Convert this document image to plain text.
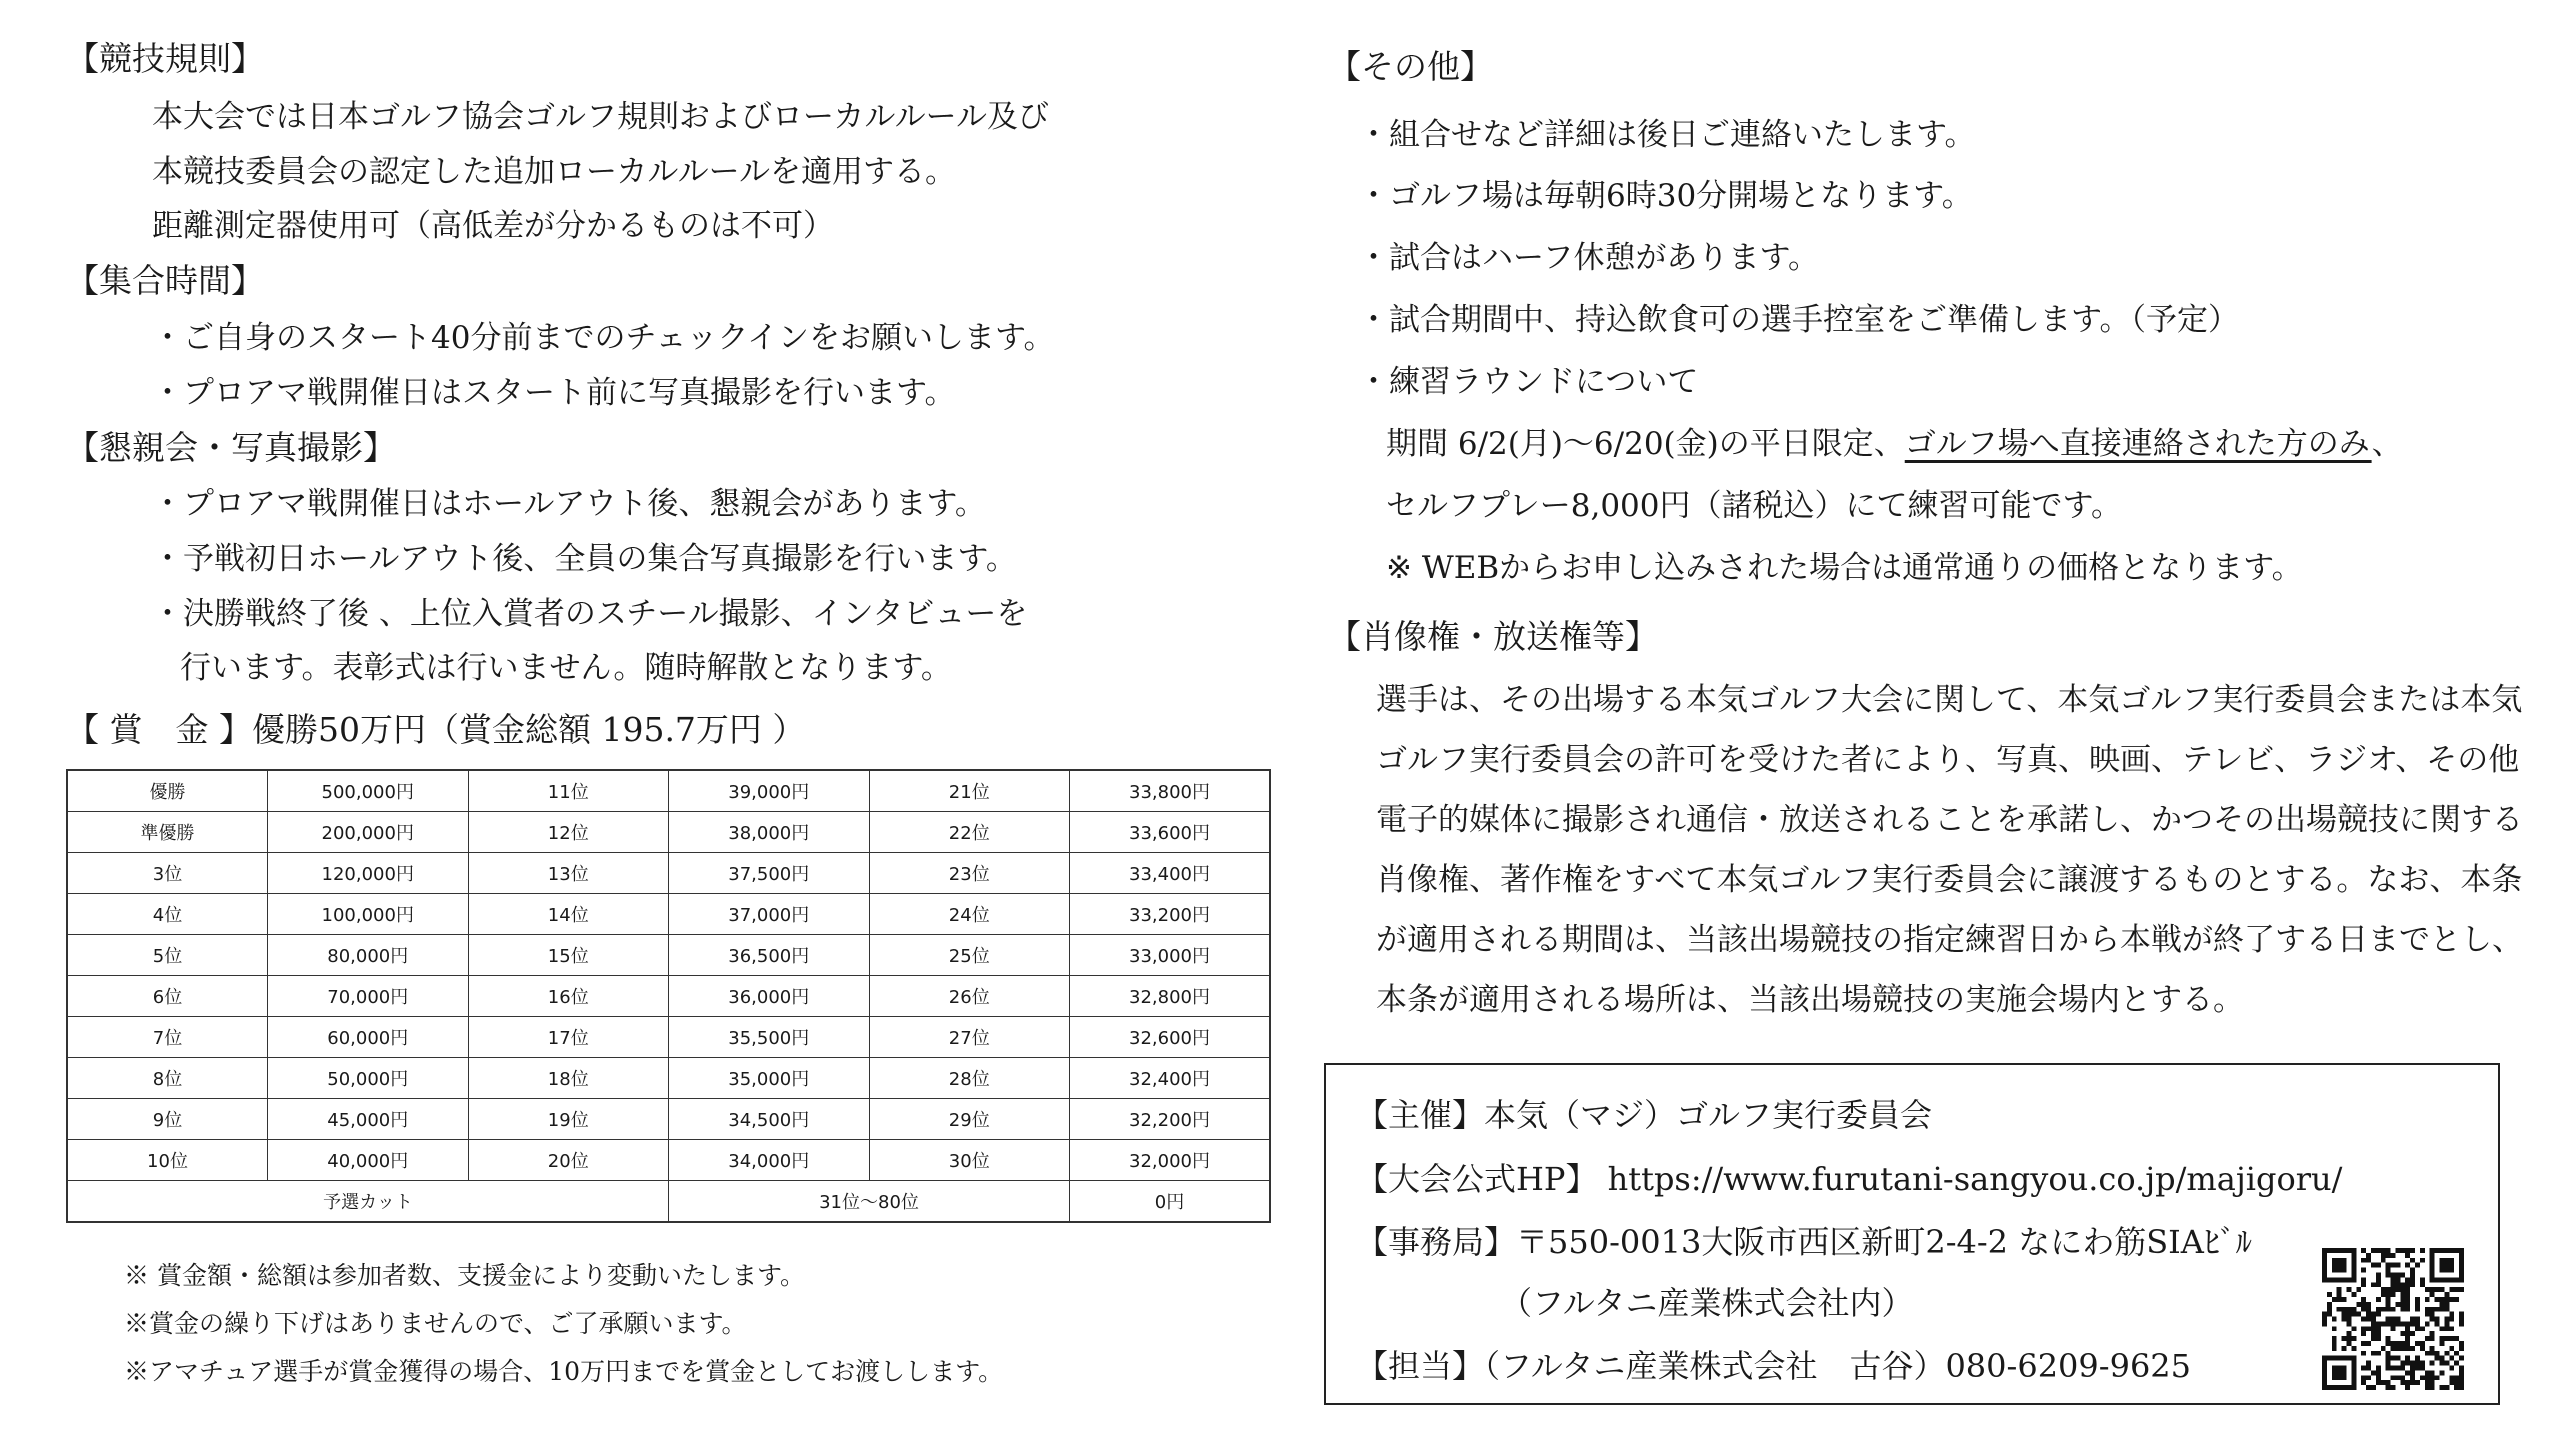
【競技規則】
本大会では日本ゴルフ協会ゴルフ規則およびローカルルール及び
本競技委員会の認定した追加ローカルルールを適用する。
距離測定器使用可（高低差が分かるものは不可）
【集合時間】
・ご自身のスタート40分前までのチェックインをお願いします。
・プロアマ戦開催日はスタート前に写真撮影を行います。
【懇親会・写真撮影】
・プロアマ戦開催日はホールアウト後、懇親会があります。
・予戦初日ホールアウト後、全員の集合写真撮影を行います。
・決勝戦終了後 、上位入賞者のスチール撮影、インタビューを
行います。表彰式は行いません。随時解散となります。
【 賞　金 】優勝50万円（賞金総額 195.7万円 ）
優勝	500,000円	11位	39,000円	21位	33,800円
準優勝	200,000円	12位	38,000円	22位	33,600円
3位	120,000円	13位	37,500円	23位	33,400円
4位	100,000円	14位	37,000円	24位	33,200円
5位	80,000円	15位	36,500円	25位	33,000円
6位	70,000円	16位	36,000円	26位	32,800円
7位	60,000円	17位	35,500円	27位	32,600円
8位	50,000円	18位	35,000円	28位	32,400円
9位	45,000円	19位	34,500円	29位	32,200円
10位	40,000円	20位	34,000円	30位	32,000円
予選カット			31位〜80位		0円
※ 賞金額・総額は参加者数、支援金により変動いたします。
※賞金の繰り下げはありませんので、ご了承願います。
※アマチュア選手が賞金獲得の場合、10万円までを賞金としてお渡しします。
【その他】
・組合せなど詳細は後日ご連絡いたします。
・ゴルフ場は毎朝6時30分開場となります。
・試合はハーフ休憩があります。
・試合期間中、持込飲食可の選手控室をご準備します。（予定）
・練習ラウンドについて
期間 6/2(月)〜6/20(金)の平日限定、ゴルフ場へ直接連絡された方のみ、
セルフプレー8,000円（諸税込）にて練習可能です。
※ WEBからお申し込みされた場合は通常通りの価格となります。
【肖像権・放送権等】
選手は、その出場する本気ゴルフ大会に関して、本気ゴルフ実行委員会または本気
ゴルフ実行委員会の許可を受けた者により、写真、映画、テレビ、ラジオ、その他
電子的媒体に撮影され通信・放送されることを承諾し、かつその出場競技に関する
肖像権、著作権をすべて本気ゴルフ実行委員会に譲渡するものとする。なお、本条
が適用される期間は、当該出場競技の指定練習日から本戦が終了する日までとし、
本条が適用される場所は、当該出場競技の実施会場内とする。
【主催】本気（マジ）ゴルフ実行委員会
【大会公式HP】 https://www.furutani-sangyou.co.jp/majigoru/
【事務局】〒550-0013大阪市西区新町2-4-2 なにわ筋SIAﾋﾞﾙ
（フルタニ産業株式会社内）
【担当】（フルタニ産業株式会社　古谷）080-6209-9625
